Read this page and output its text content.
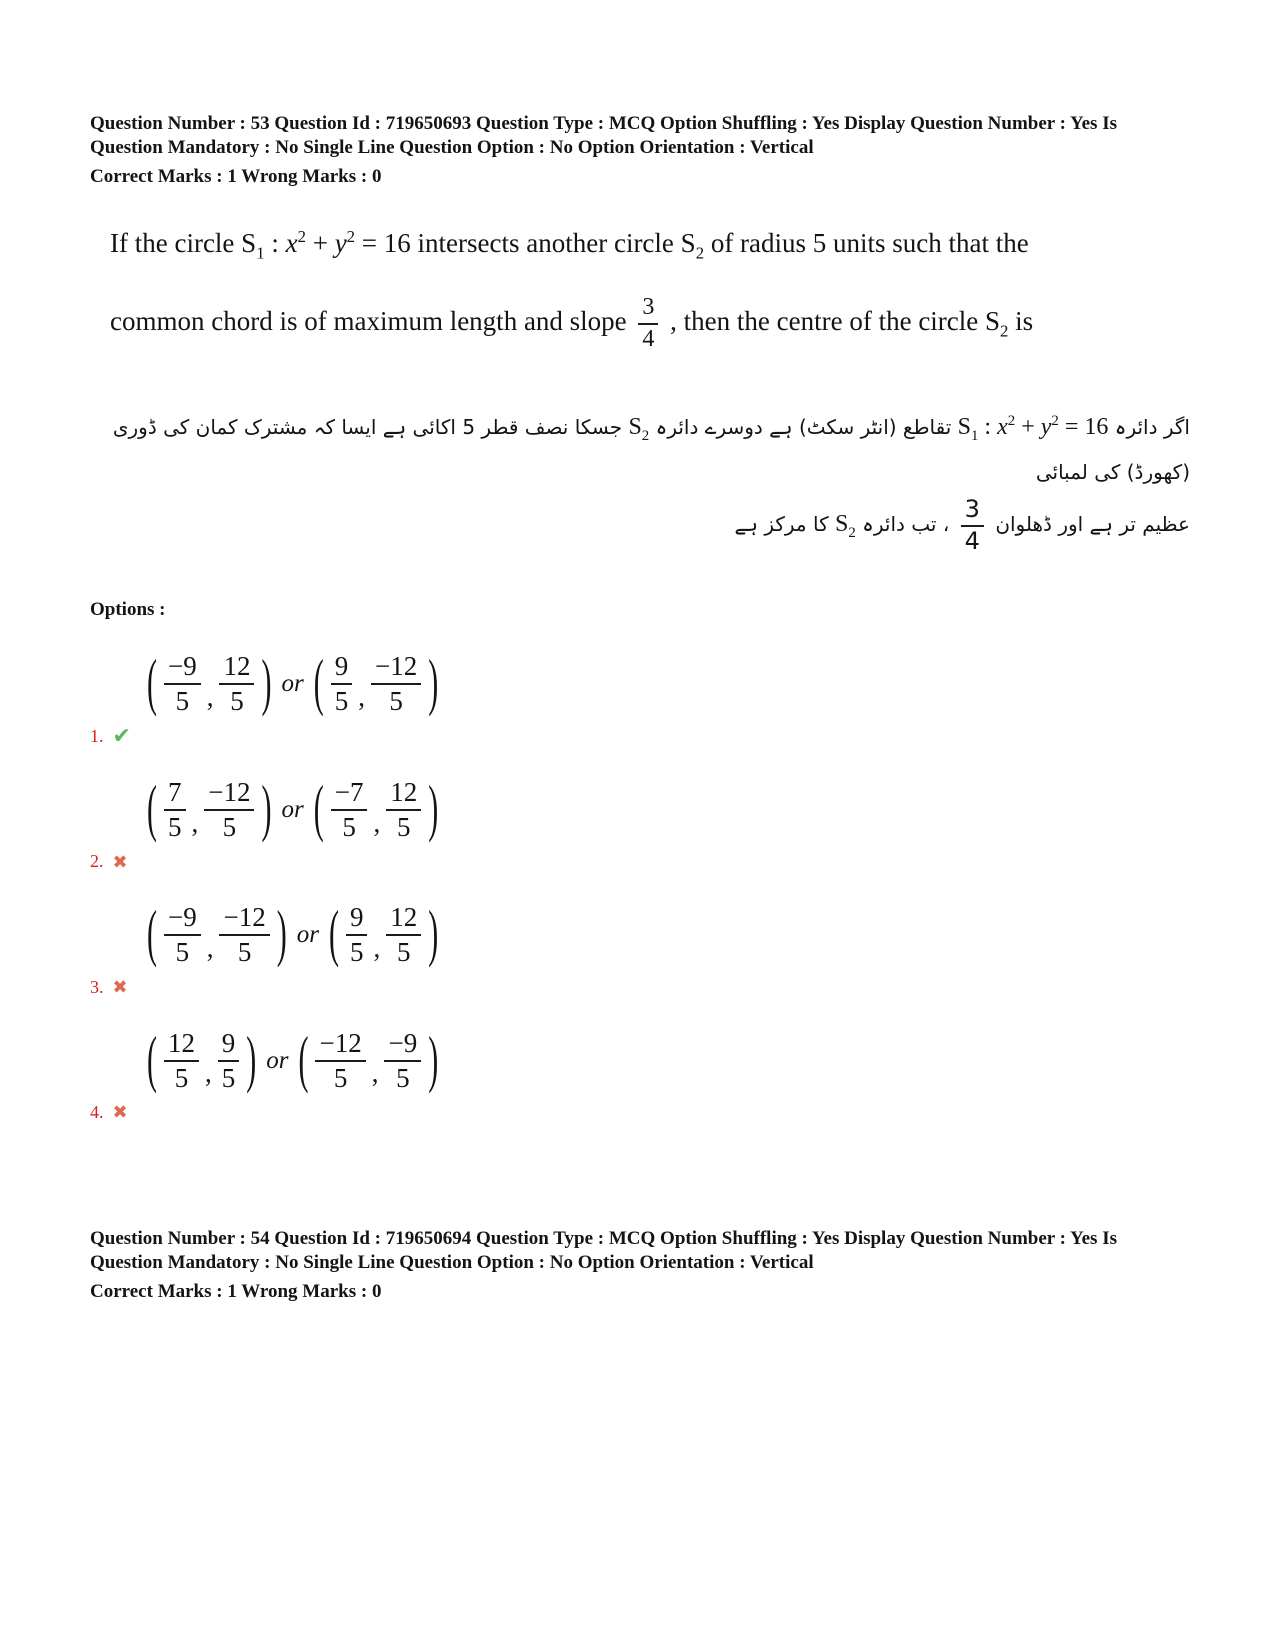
Question Number : 53 Question Id : 719650693 Question Type : MCQ Option Shuffling : Yes Display Question Number : Yes Is
Question Mandatory : No Single Line Question Option : No Option Orientation : Vertical

Correct Marks : 1 Wrong Marks : 0

If the circle $S_1$ : $x^2 + y^2 = 16$ intersects another circle $S_2$ of radius 5 units such that the

common chord is of maximum length and slope $\frac{3}{4}$ , then the centre of the circle $S_2$ is

اگر دائرہ $S_1$ : $x^2 + y^2 = 16$ تقاطع (انٹر سکٹ) ہے دوسرے دائرہ $S_2$ جسکا نصف قطر 5 اکائی ہے ایسا کہ مشترک کمان کی ڈوری (کھورڈ) کی لمبائی

عظیم تر ہے اور ڈھلوان
$\frac{3}{4}$
، تب دائرہ $S_2$ کا مرکز ہے

Options :

( $\frac{-9}{5}$ , $\frac{12}{5}$ ) or ( $\frac{9}{5}$ , $\frac{-12}{5}$ )
1. ✔
( $\frac{7}{5}$ , $\frac{-12}{5}$ ) or ( $\frac{-7}{5}$ , $\frac{12}{5}$ )
2. ✖
( $\frac{-9}{5}$ , $\frac{-12}{5}$ ) or ( $\frac{9}{5}$ , $\frac{12}{5}$ )
3. ✖
( $\frac{12}{5}$ , $\frac{9}{5}$ ) or ( $\frac{-12}{5}$ , $\frac{-9}{5}$ )
4. ✖

Question Number : 54 Question Id : 719650694 Question Type : MCQ Option Shuffling : Yes Display Question Number : Yes Is
Question Mandatory : No Single Line Question Option : No Option Orientation : Vertical

Correct Marks : 1 Wrong Marks : 0
